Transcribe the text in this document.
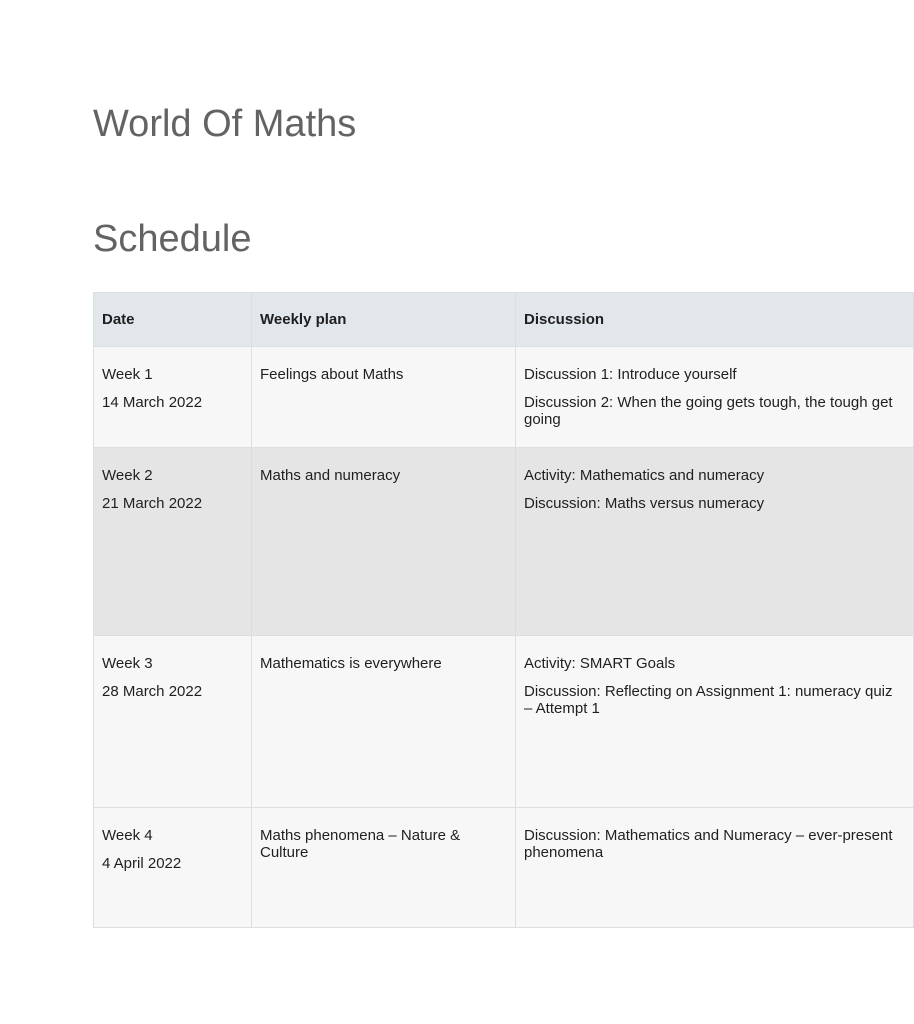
World Of Maths
Schedule
Date	Weekly plan	Discussion

Week 1
14 March 2022	Feelings about Maths	Discussion 1: Introduce yourself
Discussion 2: When the going gets tough, the tough get going

Week 2
21 March 2022	Maths and numeracy	Activity: Mathematics and numeracy
Discussion: Maths versus numeracy

Week 3
28 March 2022	Mathematics is everywhere	Activity: SMART Goals
Discussion: Reflecting on Assignment 1: numeracy quiz – Attempt 1

Week 4
4 April 2022	Maths phenomena – Nature & Culture	Discussion: Mathematics and Numeracy – ever-present phenomena
